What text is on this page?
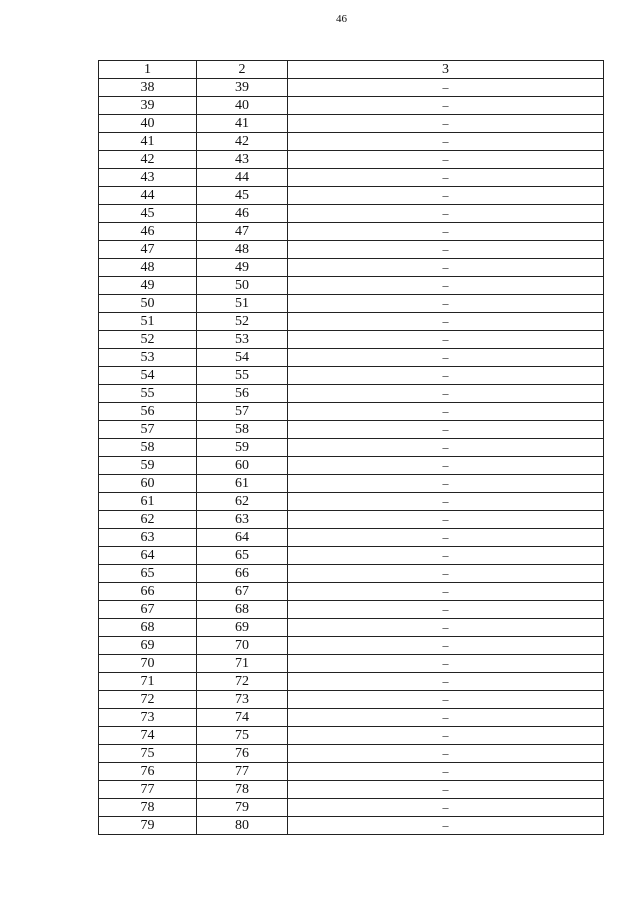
46
1	2	3
38	39	–
39	40	–
40	41	–
41	42	–
42	43	–
43	44	–
44	45	–
45	46	–
46	47	–
47	48	–
48	49	–
49	50	–
50	51	–
51	52	–
52	53	–
53	54	–
54	55	–
55	56	–
56	57	–
57	58	–
58	59	–
59	60	–
60	61	–
61	62	–
62	63	–
63	64	–
64	65	–
65	66	–
66	67	–
67	68	–
68	69	–
69	70	–
70	71	–
71	72	–
72	73	–
73	74	–
74	75	–
75	76	–
76	77	–
77	78	–
78	79	–
79	80	–
